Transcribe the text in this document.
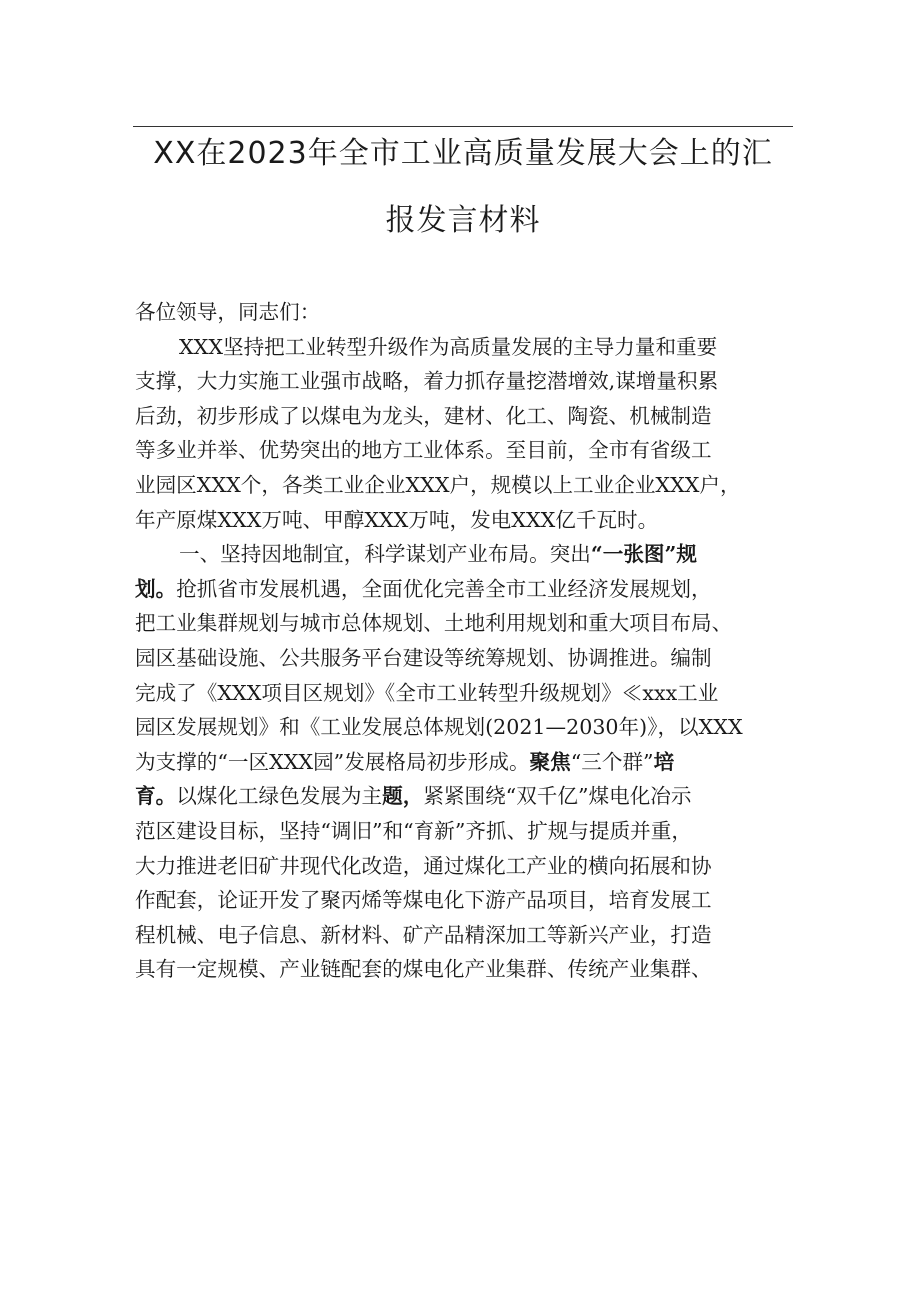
XX在2023年全市工业高质量发展大会上的汇
报发言材料
各位领导，同志们：
XXX坚持把工业转型升级作为高质量发展的主导力量和重要
支撑，大力实施工业强市战略，着力抓存量挖潜增效,谋增量积累
后劲，初步形成了以煤电为龙头，建材、化工、陶瓷、机械制造
等多业并举、优势突出的地方工业体系。至目前，全市有省级工
业园区XXX个，各类工业企业XXX户，规模以上工业企业XXX户，
年产原煤XXX万吨、甲醇XXX万吨，发电XXX亿千瓦时。
一、坚持因地制宜，科学谋划产业布局。突出“一张图”规
划。抢抓省市发展机遇，全面优化完善全市工业经济发展规划，
把工业集群规划与城市总体规划、土地利用规划和重大项目布局、
园区基础设施、公共服务平台建设等统筹规划、协调推进。编制
完成了《XXX项目区规划》《全市工业转型升级规划》≪xxx工业
园区发展规划》和《工业发展总体规划(2021—2030年)》，以XXX
为支撑的“一区XXX园”发展格局初步形成。聚焦“三个群”培
育。以煤化工绿色发展为主题，紧紧围绕“双千亿”煤电化冶示
范区建设目标，坚持“调旧”和“育新”齐抓、扩规与提质并重，
大力推进老旧矿井现代化改造，通过煤化工产业的横向拓展和协
作配套，论证开发了聚丙烯等煤电化下游产品项目，培育发展工
程机械、电子信息、新材料、矿产品精深加工等新兴产业，打造
具有一定规模、产业链配套的煤电化产业集群、传统产业集群、
